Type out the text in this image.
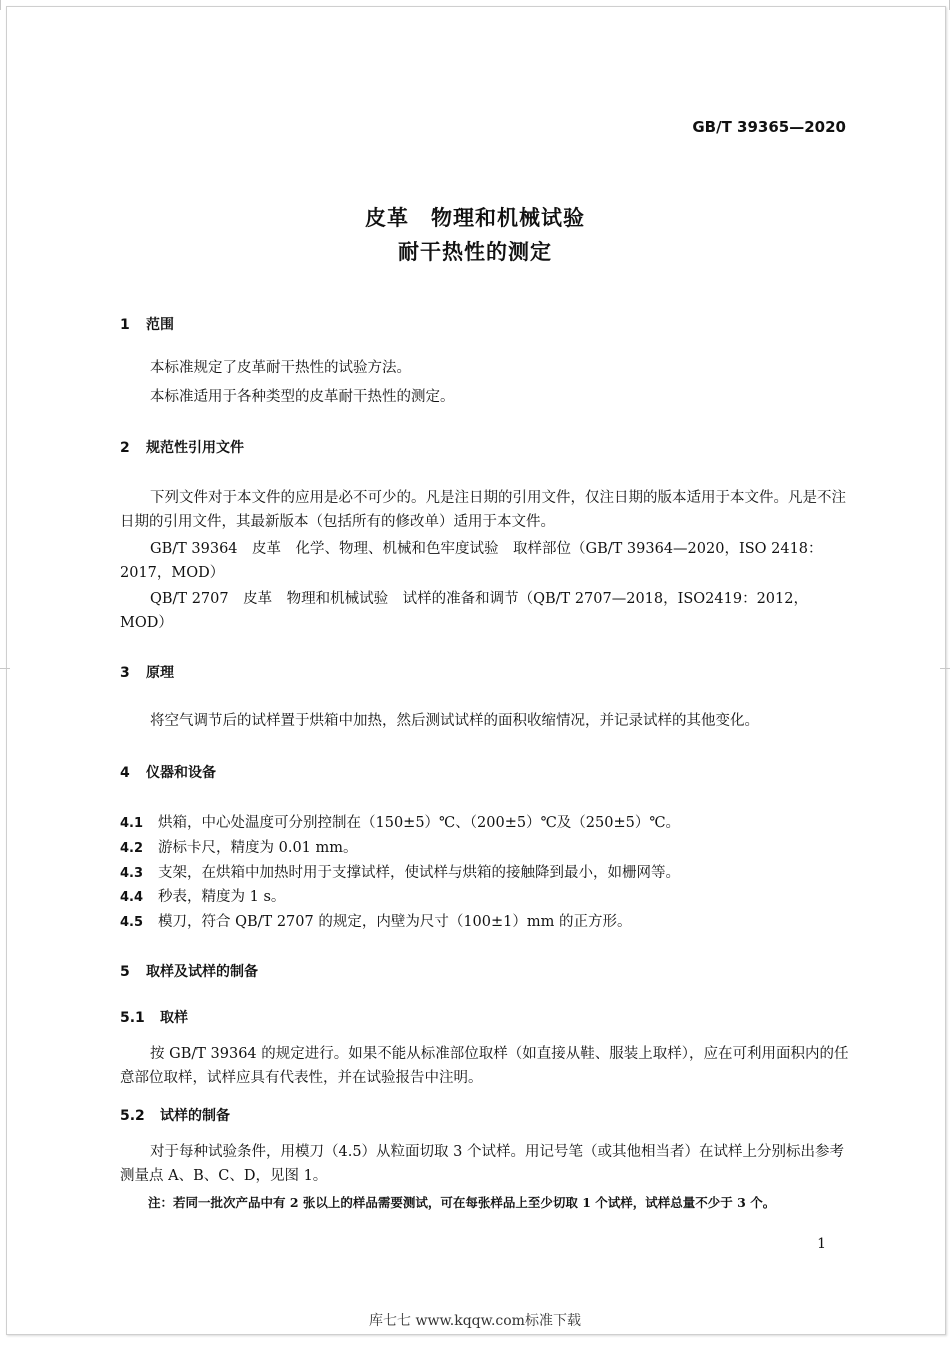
GB/T 39365—2020
皮革　物理和机械试验
耐干热性的测定
1 范围
本标准规定了皮革耐干热性的试验方法。
本标准适用于各种类型的皮革耐干热性的测定。
2 规范性引用文件
下列文件对于本文件的应用是必不可少的。凡是注日期的引用文件，仅注日期的版本适用于本文件。凡是不注日期的引用文件，其最新版本（包括所有的修改单）适用于本文件。
GB/T 39364　皮革　化学、物理、机械和色牢度试验　取样部位（GB/T 39364—2020，ISO 2418：2017，MOD）
QB/T 2707　皮革　物理和机械试验　试样的准备和调节（QB/T 2707—2018，ISO2419：2012，MOD）
3 原理
将空气调节后的试样置于烘箱中加热，然后测试试样的面积收缩情况，并记录试样的其他变化。
4 仪器和设备
4.1 烘箱，中心处温度可分别控制在（150±5）℃、（200±5）℃及（250±5）℃。
4.2 游标卡尺，精度为 0.01 mm。
4.3 支架，在烘箱中加热时用于支撑试样，使试样与烘箱的接触降到最小，如栅网等。
4.4 秒表，精度为 1 s。
4.5 模刀，符合 QB/T 2707 的规定，内壁为尺寸（100±1）mm 的正方形。
5 取样及试样的制备
5.1 取样
按 GB/T 39364 的规定进行。如果不能从标准部位取样（如直接从鞋、服装上取样），应在可利用面积内的任意部位取样，试样应具有代表性，并在试验报告中注明。
5.2 试样的制备
对于每种试验条件，用模刀（4.5）从粒面切取 3 个试样。用记号笔（或其他相当者）在试样上分别标出参考测量点 A、B、C、D，见图 1。
注：若同一批次产品中有 2 张以上的样品需要测试，可在每张样品上至少切取 1 个试样，试样总量不少于 3 个。
1
库七七 www.kqqw.com标准下载
